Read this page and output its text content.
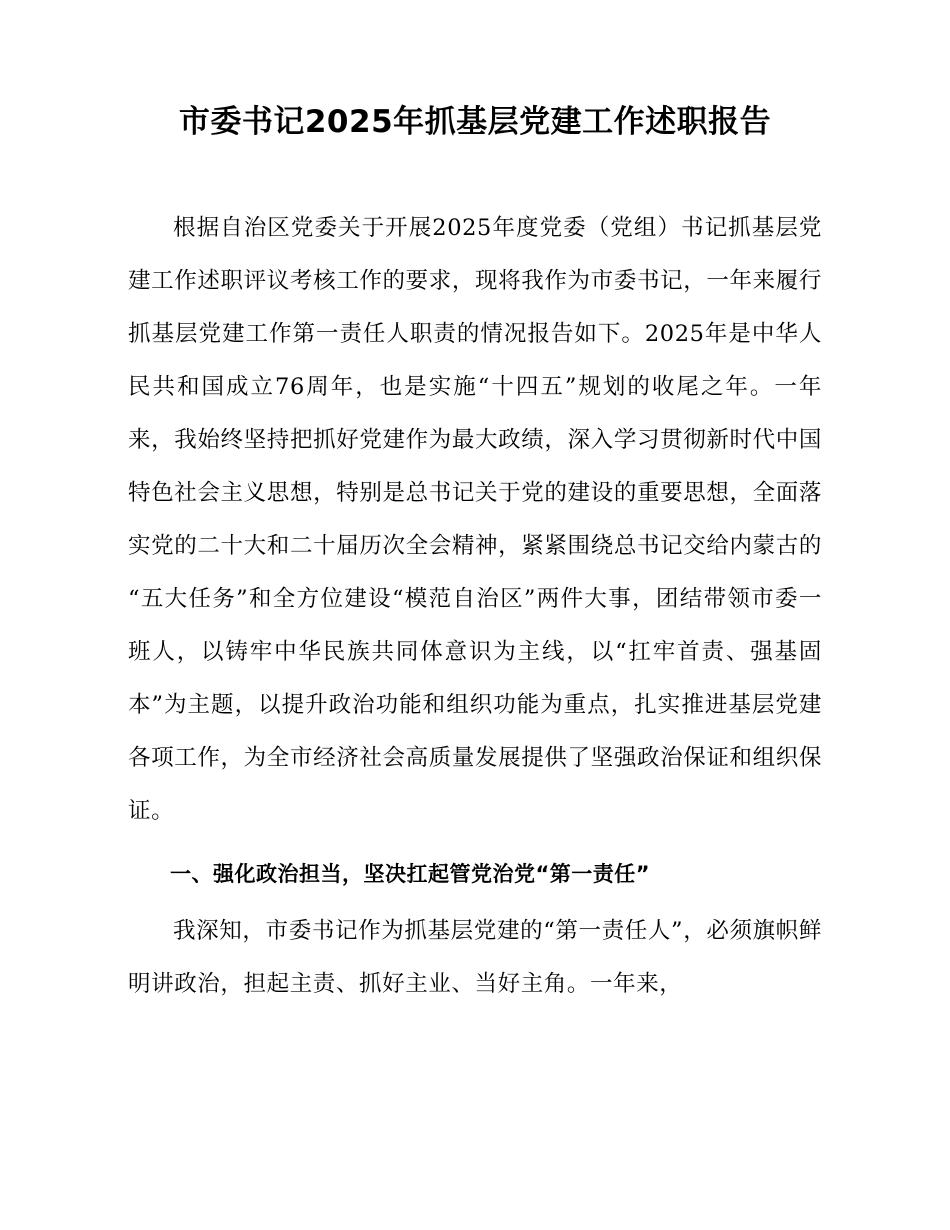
市委书记2025年抓基层党建工作述职报告

根据自治区党委关于开展2025年度党委（党组）书记抓基层党建工作述职评议考核工作的要求，现将我作为市委书记，一年来履行抓基层党建工作第一责任人职责的情况报告如下。2025年是中华人民共和国成立76周年，也是实施“十四五”规划的收尾之年。一年来，我始终坚持把抓好党建作为最大政绩，深入学习贯彻新时代中国特色社会主义思想，特别是总书记关于党的建设的重要思想，全面落实党的二十大和二十届历次全会精神，紧紧围绕总书记交给内蒙古的“五大任务”和全方位建设“模范自治区”两件大事，团结带领市委一班人，以铸牢中华民族共同体意识为主线，以“扛牢首责、强基固本”为主题，以提升政治功能和组织功能为重点，扎实推进基层党建各项工作，为全市经济社会高质量发展提供了坚强政治保证和组织保证。

一、强化政治担当，坚决扛起管党治党“第一责任”

我深知，市委书记作为抓基层党建的“第一责任人”，必须旗帜鲜明讲政治，担起主责、抓好主业、当好主角。一年来，
